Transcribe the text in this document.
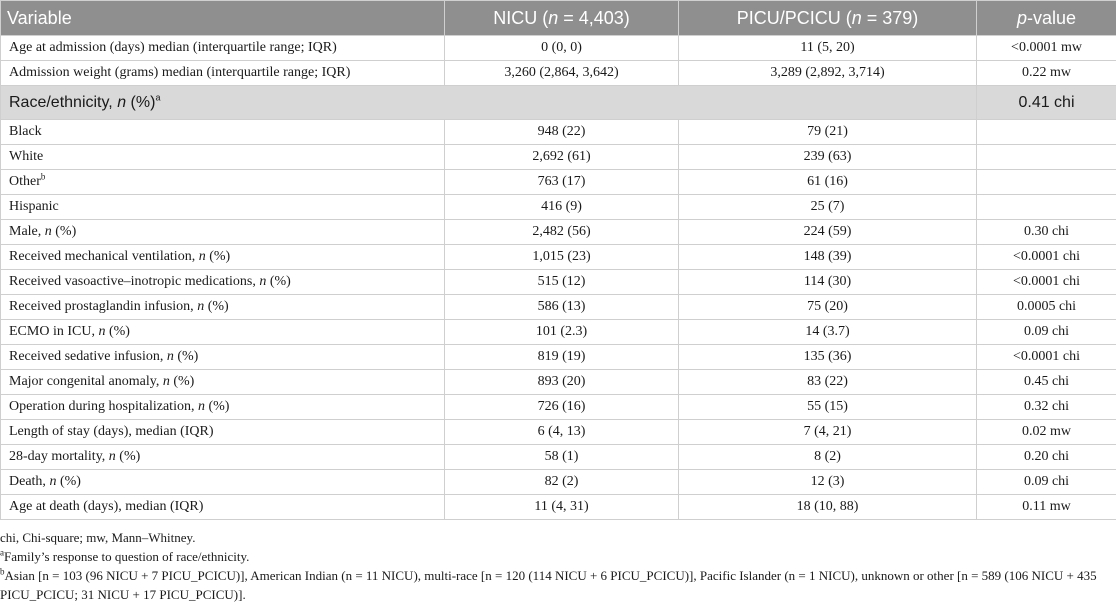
Variable	NICU (n = 4,403)	PICU/PCICU (n = 379)	p-value
Age at admission (days) median (interquartile range; IQR)	0 (0, 0)	11 (5, 20)	<0.0001 mw
Admission weight (grams) median (interquartile range; IQR)	3,260 (2,864, 3,642)	3,289 (2,892, 3,714)	0.22 mw
Race/ethnicity, n (%)$^a$			0.41 chi
Black	948 (22)	79 (21)	
White	2,692 (61)	239 (63)	
Other$^b$	763 (17)	61 (16)	
Hispanic	416 (9)	25 (7)	
Male, n (%)	2,482 (56)	224 (59)	0.30 chi
Received mechanical ventilation, n (%)	1,015 (23)	148 (39)	<0.0001 chi
Received vasoactive–inotropic medications, n (%)	515 (12)	114 (30)	<0.0001 chi
Received prostaglandin infusion, n (%)	586 (13)	75 (20)	0.0005 chi
ECMO in ICU, n (%)	101 (2.3)	14 (3.7)	0.09 chi
Received sedative infusion, n (%)	819 (19)	135 (36)	<0.0001 chi
Major congenital anomaly, n (%)	893 (20)	83 (22)	0.45 chi
Operation during hospitalization, n (%)	726 (16)	55 (15)	0.32 chi
Length of stay (days), median (IQR)	6 (4, 13)	7 (4, 21)	0.02 mw
28-day mortality, n (%)	58 (1)	8 (2)	0.20 chi
Death, n (%)	82 (2)	12 (3)	0.09 chi
Age at death (days), median (IQR)	11 (4, 31)	18 (10, 88)	0.11 mw

chi, Chi-square; mw, Mann–Whitney.

$^a$Family’s response to question of race/ethnicity.

$^b$Asian [n = 103 (96 NICU + 7 PICU_PCICU)], American Indian (n = 11 NICU), multi-race [n = 120 (114 NICU + 6 PICU_PCICU)], Pacific Islander (n = 1 NICU), unknown or other [n = 589 (106 NICU + 435 PICU_PCICU; 31 NICU + 17 PICU_PCICU)].
